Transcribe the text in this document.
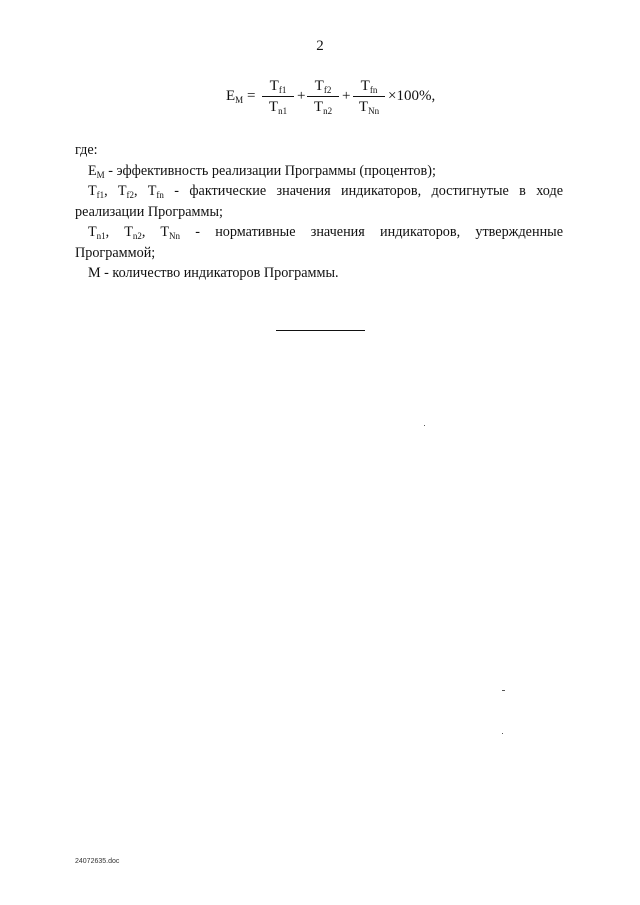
2
$E_M$ =
$T_{f1}$
$T_{n1}$
+
$T_{f2}$
$T_{n2}$
+
$T_{fn}$
$T_{Nn}$
×100%,

где:

$E_M$ - эффективность реализации Программы (процентов);

$T_{f1}$, $T_{f2}$, $T_{fn}$ - фактические значения индикаторов, достигнутые в ходе

реализации Программы;

$T_{n1}$, $T_{n2}$, $T_{Nn}$ - нормативные значения индикаторов, утвержденные

Программой;

M - количество индикаторов Программы.

24072635.doc
